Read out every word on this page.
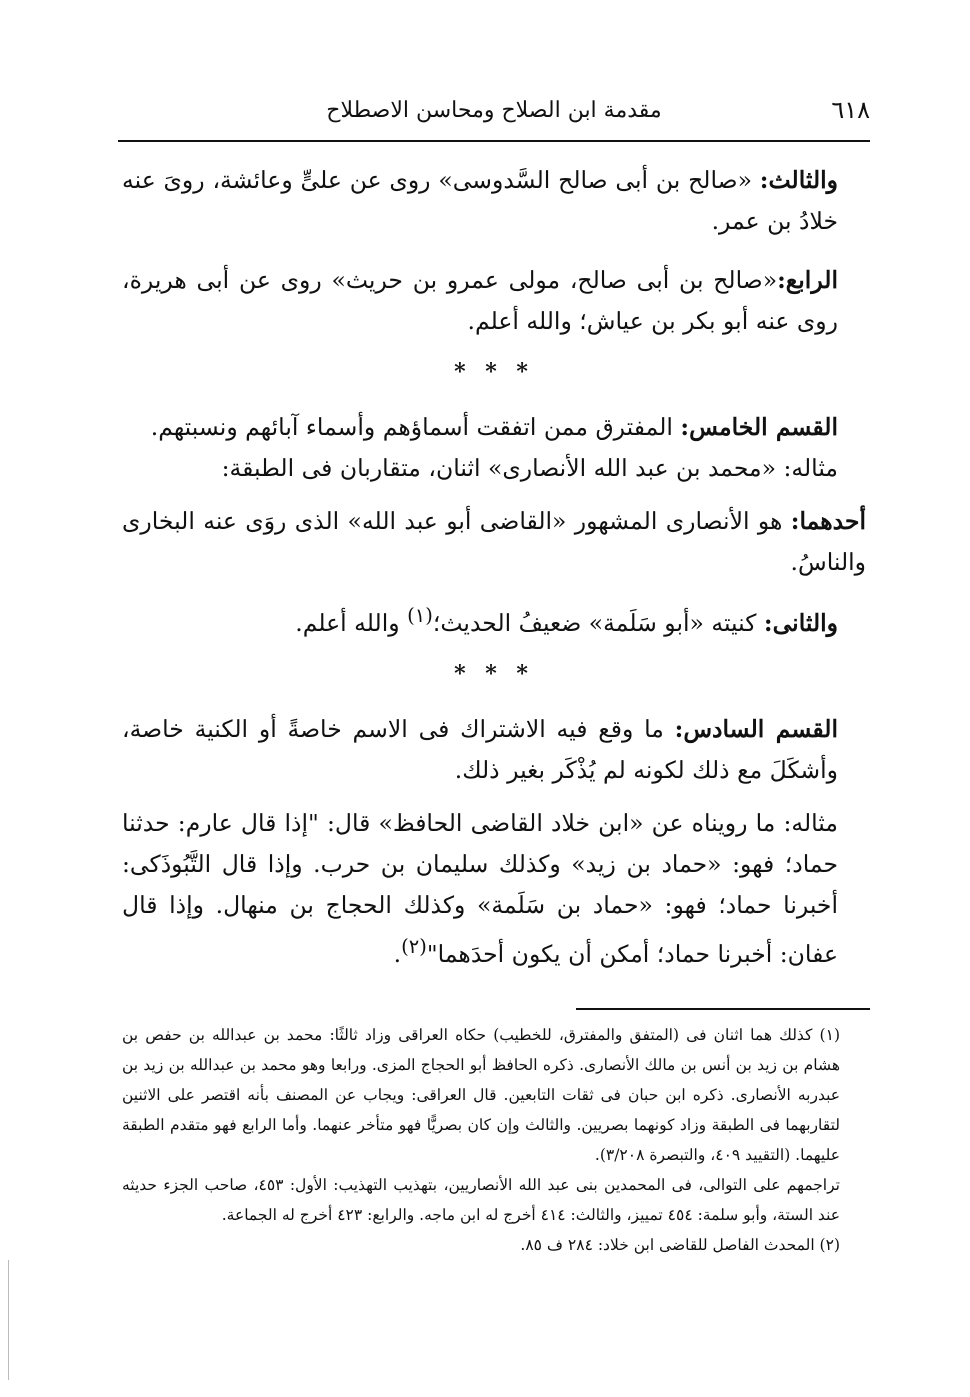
٦١٨
مقدمة ابن الصلاح ومحاسن الاصطلاح

والثالث: «صالح بن أبى صالح السَّدوسى» روى عن علىٍّ وعائشة، روىَ عنه خلادُ بن عمر.

الرابع:«صالح بن أبى صالح، مولى عمرو بن حريث» روى عن أبى هريرة، روى عنه أبو بكر بن عياش؛ والله أعلم.

* * *

القسم الخامس: المفترق ممن اتفقت أسماؤهم وأسماء آبائهم ونسبتهم.

مثاله: «محمد بن عبد الله الأنصارى» اثنان، متقاربان فى الطبقة:

أحدهما: هو الأنصارى المشهور «القاضى أبو عبد الله» الذى روَى عنه البخارى والناسُ.

والثانى: كنيته «أبو سَلَمة» ضعيفُ الحديث؛$^{(١)}$ والله أعلم.

* * *

القسم السادس: ما وقع فيه الاشتراك فى الاسم خاصةً أو الكنية خاصة، وأشكَلَ مع ذلك لكونه لم يُذْكَر بغير ذلك.

مثاله: ما رويناه عن «ابن خلاد القاضى الحافظ» قال: "إذا قال عارم: حدثنا حماد؛ فهو: «حماد بن زيد» وكذلك سليمان بن حرب. وإذا قال التَّبُوذَكى: أخبرنا حماد؛ فهو: «حماد بن سَلَمة» وكذلك الحجاج بن منهال. وإذا قال عفان: أخبرنا حماد؛ أمكن أن يكون أحدَهما"$^{(٢)}$.

(١) كذلك هما اثنان فى (المتفق والمفترق، للخطيب) حكاه العراقى وزاد ثالثًا: محمد بن عبدالله بن حفص بن هشام بن زيد بن أنس بن مالك الأنصارى. ذكره الحافظ أبو الحجاج المزى. ورابعا وهو محمد بن عبدالله بن زيد بن عبدربه الأنصارى. ذكره ابن حبان فى ثقات التابعين. قال العراقى: ويجاب عن المصنف بأنه اقتصر على الاثنين لتقاربهما فى الطبقة وزاد كونهما بصريين. والثالث وإن كان بصريًّا فهو متأخر عنهما. وأما الرابع فهو متقدم الطبقة عليهما. (التقييد ٤٠٩، والتبصرة ٣/٢٠٨).

تراجمهم على التوالى، فى المحمدين بنى عبد الله الأنصاريين، بتهذيب التهذيب: الأول: ٤٥٣، صاحب الجزء حديثه عند الستة، وأبو سلمة: ٤٥٤ تمييز، والثالث: ٤١٤ أخرج له ابن ماجه. والرابع: ٤٢٣ أخرج له الجماعة.

(٢) المحدث الفاصل للقاضى ابن خلاد: ٢٨٤ ف ٨٥.
